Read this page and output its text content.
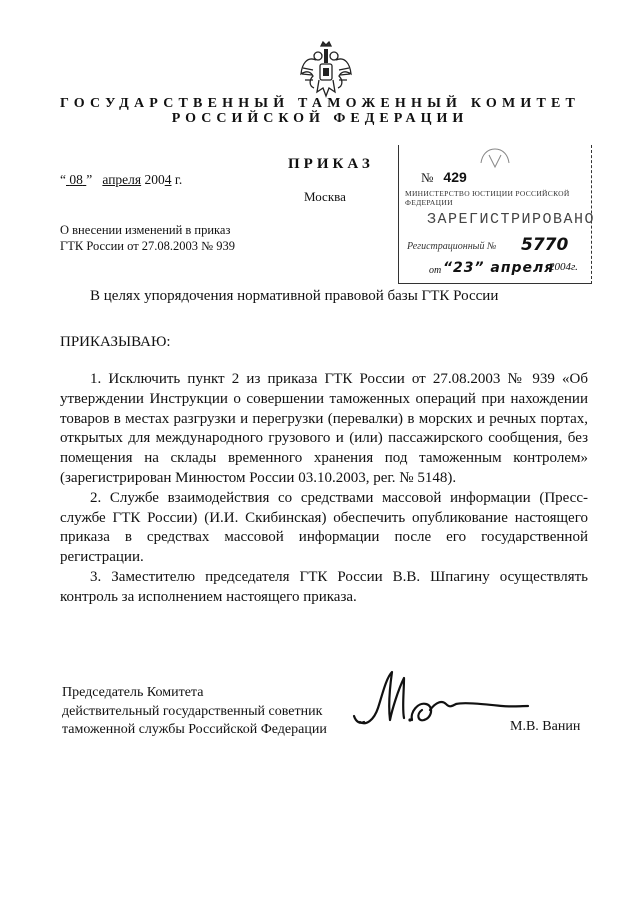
ГОСУДАРСТВЕННЫЙ ТАМОЖЕННЫЙ КОМИТЕТ
РОССИЙСКОЙ ФЕДЕРАЦИИ
ПРИКАЗ
Москва
“ 08 ” апреля 2004 г.
О внесении изменений в приказ
ГТК России от 27.08.2003 № 939
№ 429
МИНИСТЕРСТВО ЮСТИЦИИ РОССИЙСКОЙ ФЕДЕРАЦИИ
ЗАРЕГИСТРИРОВАНО
Регистрационный № 5770
от “23” апреля
2004г.
В целях упорядочения нормативной правовой базы ГТК России
ПРИКАЗЫВАЮ:

1. Исключить пункт 2 из приказа ГТК России от 27.08.2003 № 939 «Об утверждении Инструкции о совершении таможенных операций при нахождении товаров в местах разгрузки и перегрузки (перевалки) в морских и речных портах, открытых для международного грузового и (или) пассажирского сообщения, без помещения на склады временного хранения под таможенным контролем» (зарегистрирован Минюстом России 03.10.2003, рег. № 5148).

2. Службе взаимодействия со средствами массовой информации (Пресс-службе ГТК России) (И.И. Скибинская) обеспечить опубликование настоящего приказа в средствах массовой информации после его государственной регистрации.

3. Заместителю председателя ГТК России В.В. Шпагину осуществлять контроль за исполнением настоящего приказа.

Председатель Комитета
действительный государственный советник
таможенной службы Российской Федерации	М.В. Ванин
